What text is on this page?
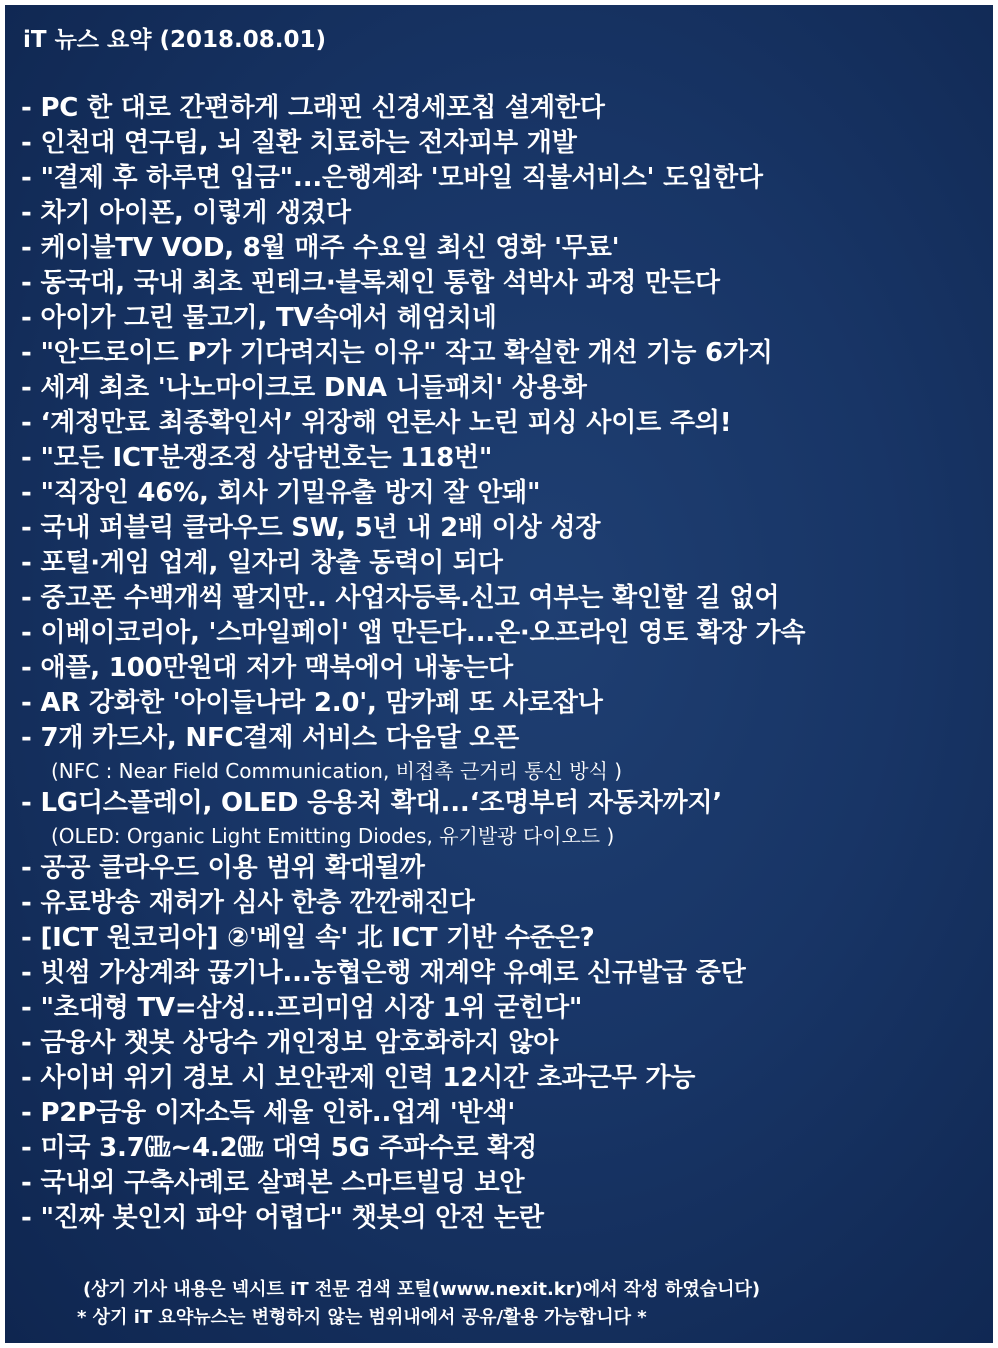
iT 뉴스 요약 (2018.08.01)
- PC 한 대로 간편하게 그래핀 신경세포칩 설계한다
- 인천대 연구팀, 뇌 질환 치료하는 전자피부 개발
- "결제 후 하루면 입금"...은행계좌 '모바일 직불서비스' 도입한다
- 차기 아이폰, 이렇게 생겼다
- 케이블TV VOD, 8월 매주 수요일 최신 영화 '무료'
- 동국대, 국내 최초 핀테크·블록체인 통합 석박사 과정 만든다
- 아이가 그린 물고기, TV속에서 헤엄치네
- "안드로이드 P가 기다려지는 이유" 작고 확실한 개선 기능 6가지
- 세계 최초 '나노마이크로 DNA 니들패치' 상용화
- ‘계정만료 최종확인서’ 위장해 언론사 노린 피싱 사이트 주의!
- "모든 ICT분쟁조정 상담번호는 118번"
- "직장인 46%, 회사 기밀유출 방지 잘 안돼"
- 국내 퍼블릭 클라우드 SW, 5년 내 2배 이상 성장
- 포털·게임 업계, 일자리 창출 동력이 되다
- 중고폰 수백개씩 팔지만.. 사업자등록.신고 여부는 확인할 길 없어
- 이베이코리아, '스마일페이' 앱 만든다...온·오프라인 영토 확장 가속
- 애플, 100만원대 저가 맥북에어 내놓는다
- AR 강화한 '아이들나라 2.0', 맘카페 또 사로잡나
- 7개 카드사, NFC결제 서비스 다음달 오픈
(NFC : Near Field Communication, 비접촉 근거리 통신 방식 )
- LG디스플레이, OLED 응용처 확대...‘조명부터 자동차까지’
(OLED: Organic Light Emitting Diodes, 유기발광 다이오드 )
- 공공 클라우드 이용 범위 확대될까
- 유료방송 재허가 심사 한층 깐깐해진다
- [ICT 원코리아] ②'베일 속' 北 ICT 기반 수준은?
- 빗썸 가상계좌 끊기나...농협은행 재계약 유예로 신규발급 중단
- "초대형 TV=삼성...프리미엄 시장 1위 굳힌다"
- 금융사 챗봇 상당수 개인정보 암호화하지 않아
- 사이버 위기 경보 시 보안관제 인력 12시간 초과근무 가능
- P2P금융 이자소득 세율 인하..업계 '반색'
- 미국 3.7㎓~4.2㎓ 대역 5G 주파수로 확정
- 국내외 구축사례로 살펴본 스마트빌딩 보안
- "진짜 봇인지 파악 어렵다" 챗봇의 안전 논란
(상기 기사 내용은 넥시트 iT 전문 검색 포털(www.nexit.kr)에서 작성 하였습니다)
* 상기 iT 요약뉴스는 변형하지 않는 범위내에서 공유/활용 가능합니다 *
